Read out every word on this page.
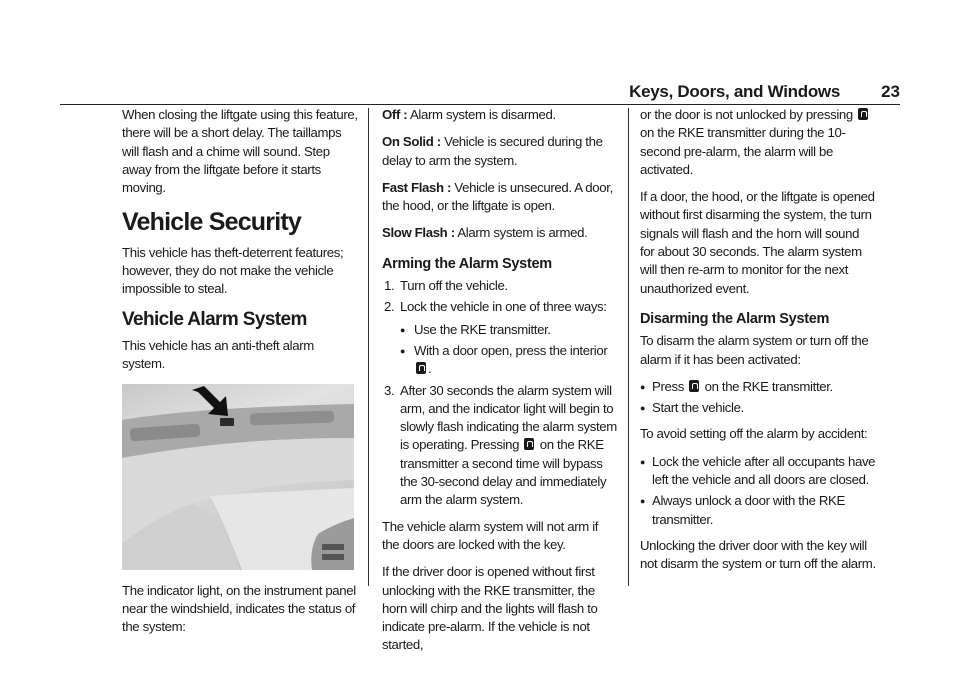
Keys, Doors, and Windows 23

When closing the liftgate using this feature, there will be a short delay. The taillamps will flash and a chime will sound. Step away from the liftgate before it starts moving.

Vehicle Security

This vehicle has theft-deterrent features; however, they do not make the vehicle impossible to steal.

Vehicle Alarm System

This vehicle has an anti-theft alarm system.

The indicator light, on the instrument panel near the windshield, indicates the status of the system:

Off : Alarm system is disarmed.

On Solid : Vehicle is secured during the delay to arm the system.

Fast Flash : Vehicle is unsecured. A door, the hood, or the liftgate is open.

Slow Flash : Alarm system is armed.

Arming the Alarm System
1. Turn off the vehicle.
2. Lock the vehicle in one of three ways:
● Use the RKE transmitter.
● With a door open, press the interior .
3. After 30 seconds the alarm system will arm, and the indicator light will begin to slowly flash indicating the alarm system is operating. Pressing  on the RKE transmitter a second time will bypass the 30-second delay and immediately arm the alarm system.

The vehicle alarm system will not arm if the doors are locked with the key.

If the driver door is opened without first unlocking with the RKE transmitter, the horn will chirp and the lights will flash to indicate pre-alarm. If the vehicle is not started,

or the door is not unlocked by pressing  on the RKE transmitter during the 10-second pre-alarm, the alarm will be activated.

If a door, the hood, or the liftgate is opened without first disarming the system, the turn signals will flash and the horn will sound for about 30 seconds. The alarm system will then re-arm to monitor for the next unauthorized event.

Disarming the Alarm System

To disarm the alarm system or turn off the alarm if it has been activated:

● Press  on the RKE transmitter.
● Start the vehicle.

To avoid setting off the alarm by accident:

● Lock the vehicle after all occupants have left the vehicle and all doors are closed.
● Always unlock a door with the RKE transmitter.

Unlocking the driver door with the key will not disarm the system or turn off the alarm.
